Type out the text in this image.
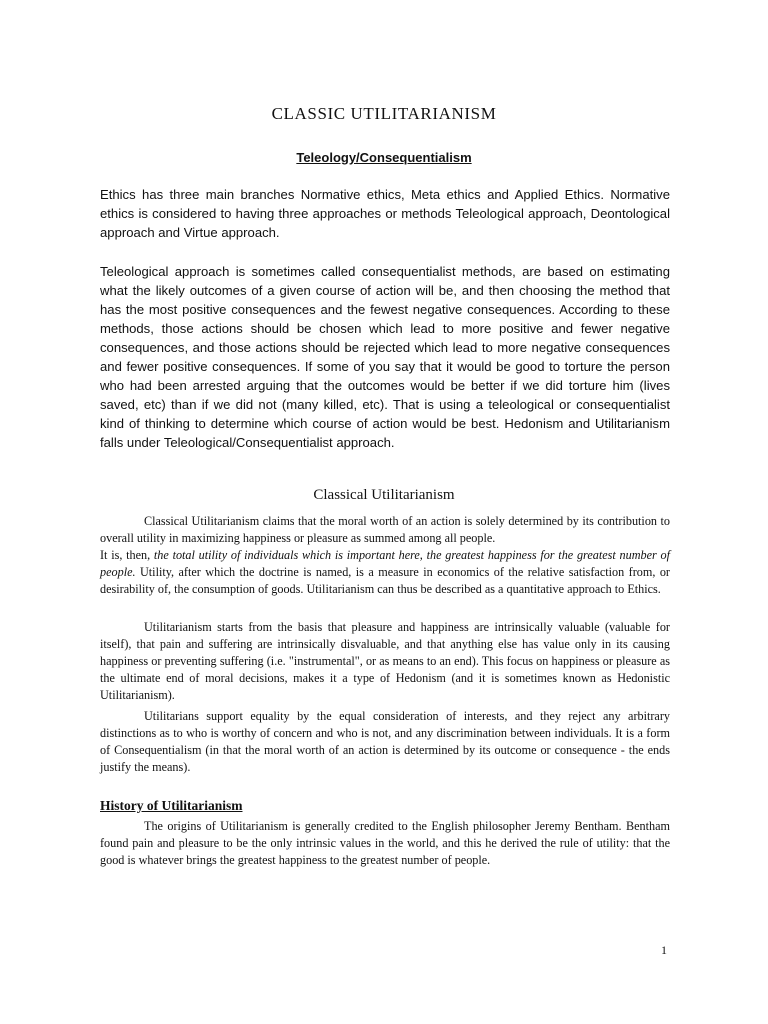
CLASSIC UTILITARIANISM
Teleology/Consequentialism

Ethics has three main branches Normative ethics, Meta ethics and Applied Ethics. Normative ethics is considered to having three approaches or methods Teleological approach, Deontological approach and Virtue approach.

Teleological approach is sometimes called consequentialist methods, are based on estimating what the likely outcomes of a given course of action will be, and then choosing the method that has the most positive consequences and the fewest negative consequences. According to these methods, those actions should be chosen which lead to more positive and fewer negative consequences, and those actions should be rejected which lead to more negative consequences and fewer positive consequences. If some of you say that it would be good to torture the person who had been arrested arguing that the outcomes would be better if we did torture him (lives saved, etc) than if we did not (many killed, etc). That is using a teleological or consequentialist kind of thinking to determine which course of action would be best. Hedonism and Utilitarianism falls under Teleological/Consequentialist approach.

Classical Utilitarianism
Classical Utilitarianism claims that the moral worth of an action is solely determined by its contribution to overall utility in maximizing happiness or pleasure as summed among all people.
It is, then, the total utility of individuals which is important here, the greatest happiness for the greatest number of people. Utility, after which the doctrine is named, is a measure in economics of the relative satisfaction from, or desirability of, the consumption of goods. Utilitarianism can thus be described as a quantitative approach to Ethics.

Utilitarianism starts from the basis that pleasure and happiness are intrinsically valuable (valuable for itself), that pain and suffering are intrinsically disvaluable, and that anything else has value only in its causing happiness or preventing suffering (i.e. "instrumental", or as means to an end). This focus on happiness or pleasure as the ultimate end of moral decisions, makes it a type of Hedonism (and it is sometimes known as Hedonistic Utilitarianism).

Utilitarians support equality by the equal consideration of interests, and they reject any arbitrary distinctions as to who is worthy of concern and who is not, and any discrimination between individuals. It is a form of Consequentialism (in that the moral worth of an action is determined by its outcome or consequence - the ends justify the means).

History of Utilitarianism

The origins of Utilitarianism is generally credited to the English philosopher Jeremy Bentham. Bentham found pain and pleasure to be the only intrinsic values in the world, and this he derived the rule of utility: that the good is whatever brings the greatest happiness to the greatest number of people.

1
